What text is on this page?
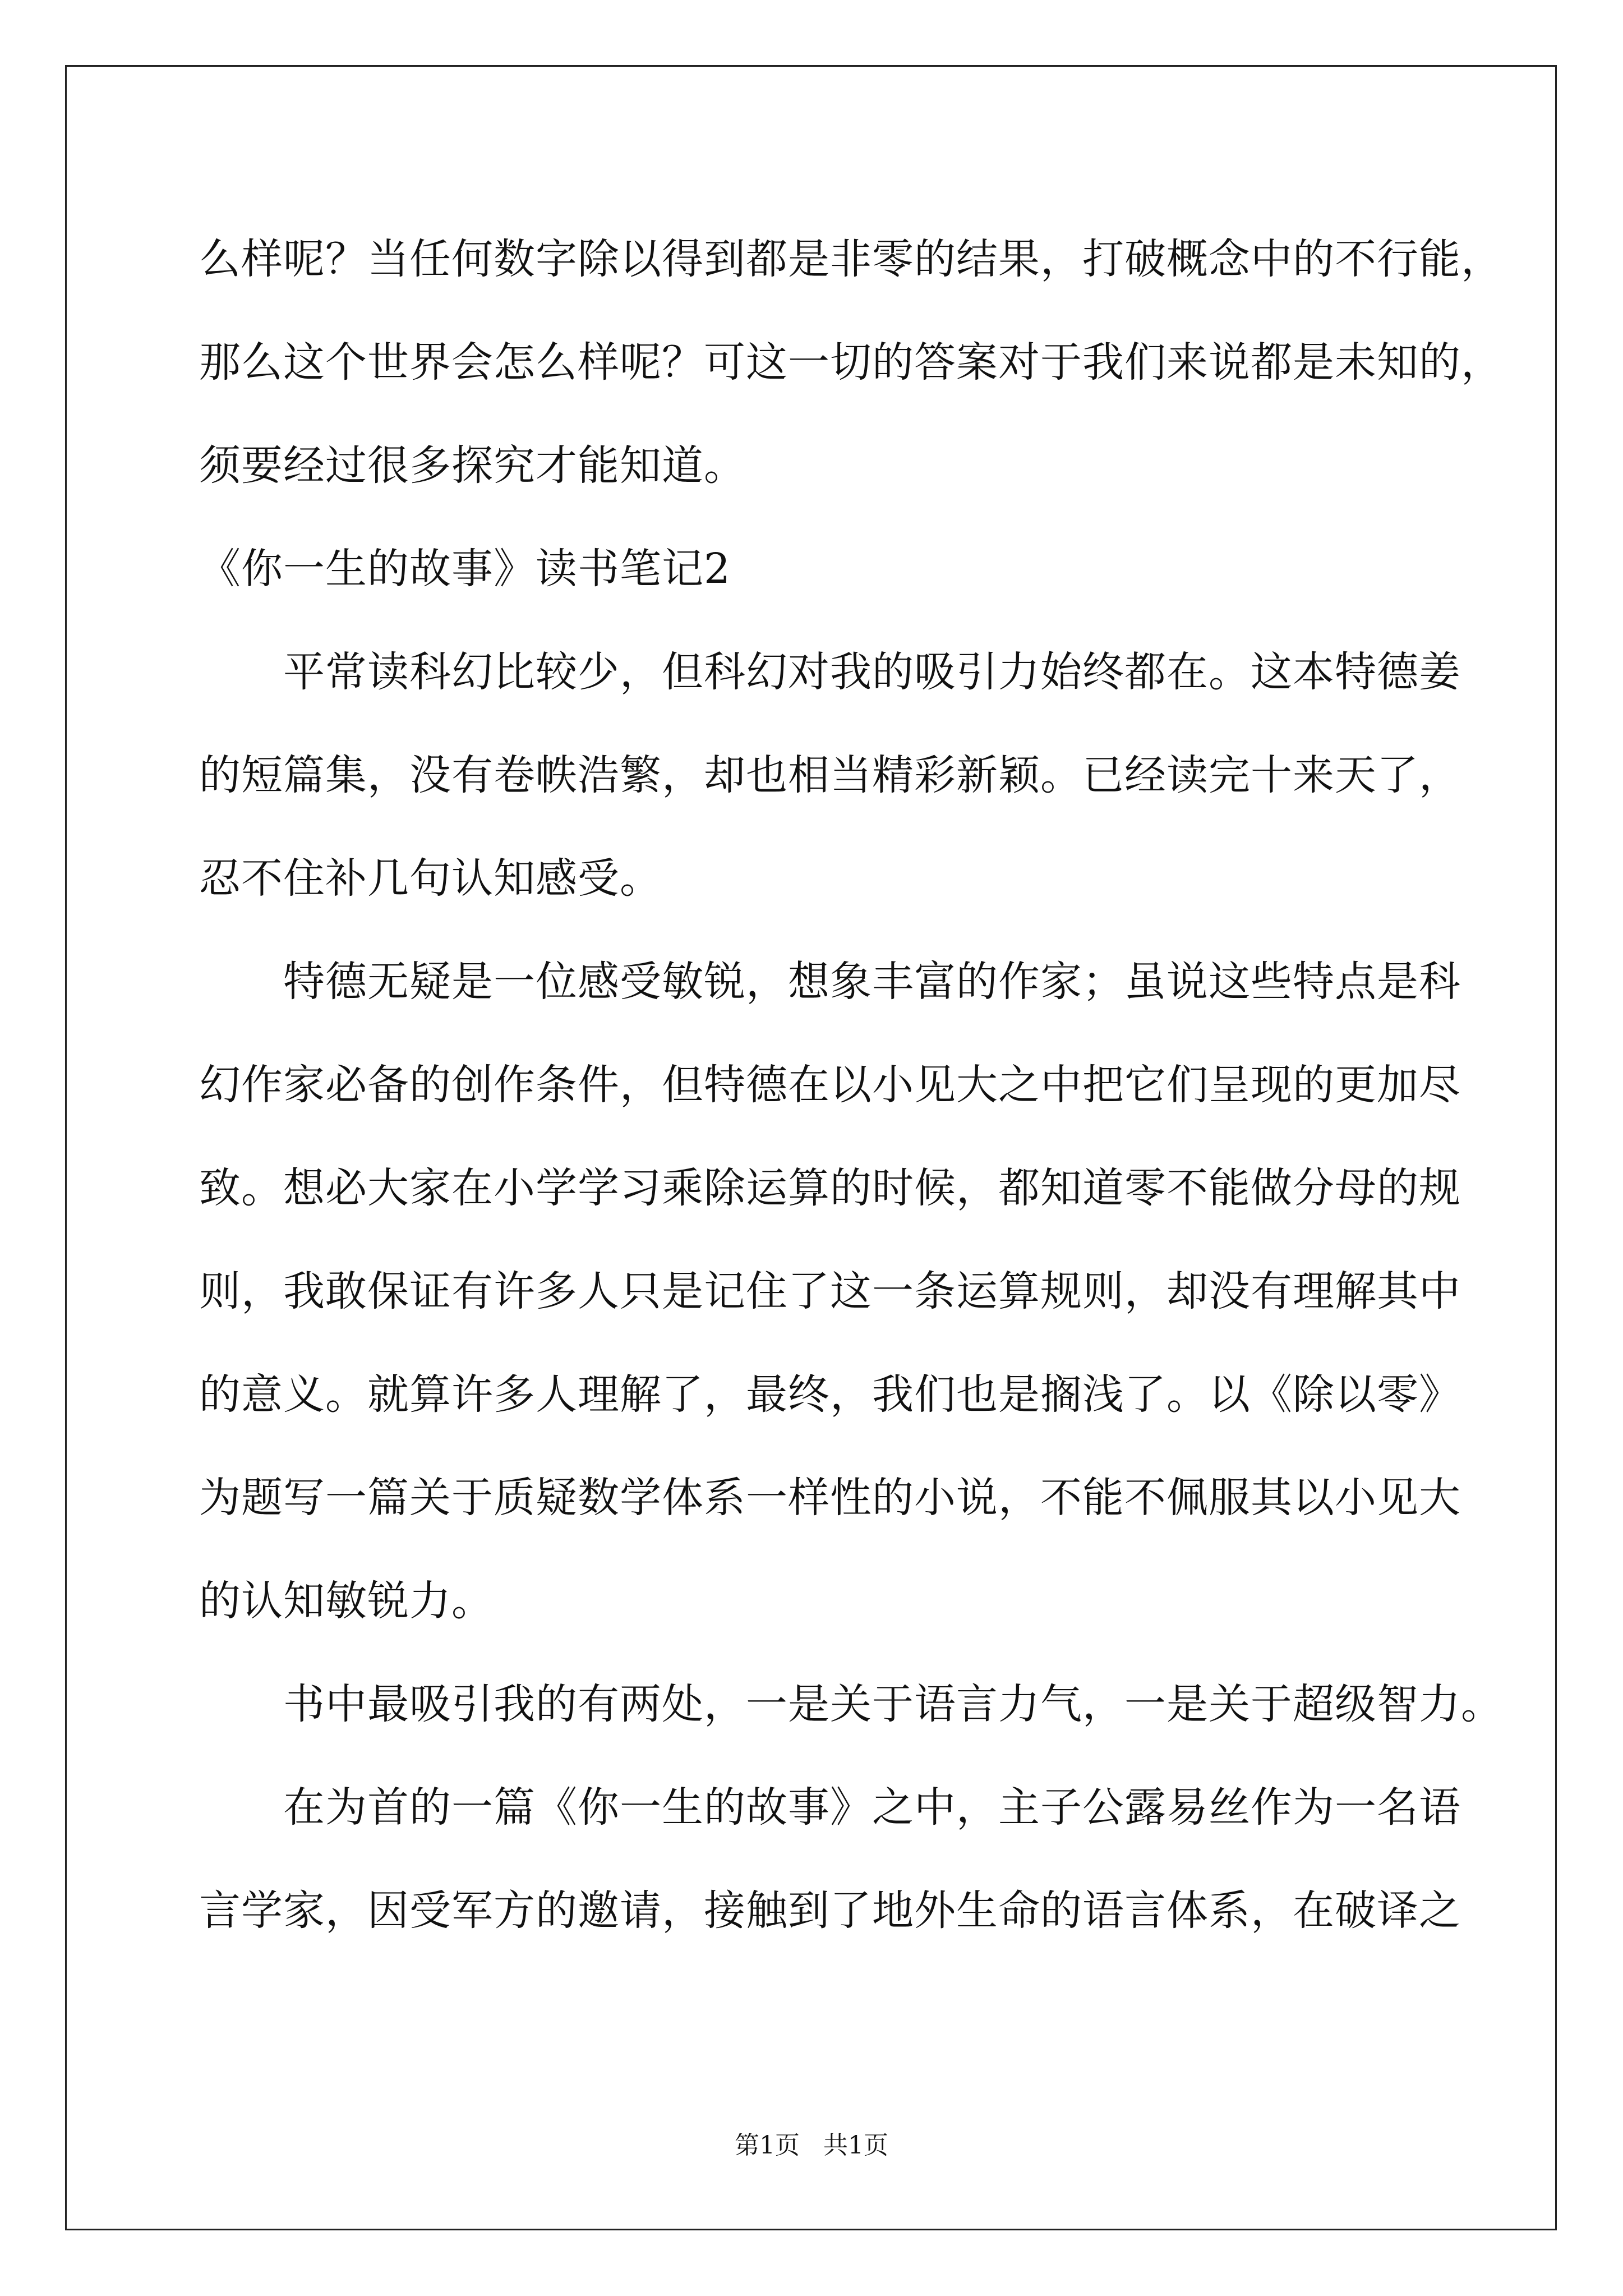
么样呢？当任何数字除以得到都是非零的结果，打破概念中的不行能，
那么这个世界会怎么样呢？可这一切的答案对于我们来说都是未知的，
须要经过很多探究才能知道。
《你一生的故事》读书笔记2
平常读科幻比较少，但科幻对我的吸引力始终都在。这本特德姜
的短篇集，没有卷帙浩繁，却也相当精彩新颖。已经读完十来天了，
忍不住补几句认知感受。
特德无疑是一位感受敏锐，想象丰富的作家；虽说这些特点是科
幻作家必备的创作条件，但特德在以小见大之中把它们呈现的更加尽
致。想必大家在小学学习乘除运算的时候，都知道零不能做分母的规
则，我敢保证有许多人只是记住了这一条运算规则，却没有理解其中
的意义。就算许多人理解了，最终，我们也是搁浅了。以《除以零》
为题写一篇关于质疑数学体系一样性的小说，不能不佩服其以小见大
的认知敏锐力。
书中最吸引我的有两处，一是关于语言力气，一是关于超级智力。
在为首的一篇《你一生的故事》之中，主子公露易丝作为一名语
言学家，因受军方的邀请，接触到了地外生命的语言体系，在破译之
第1页   共1页
